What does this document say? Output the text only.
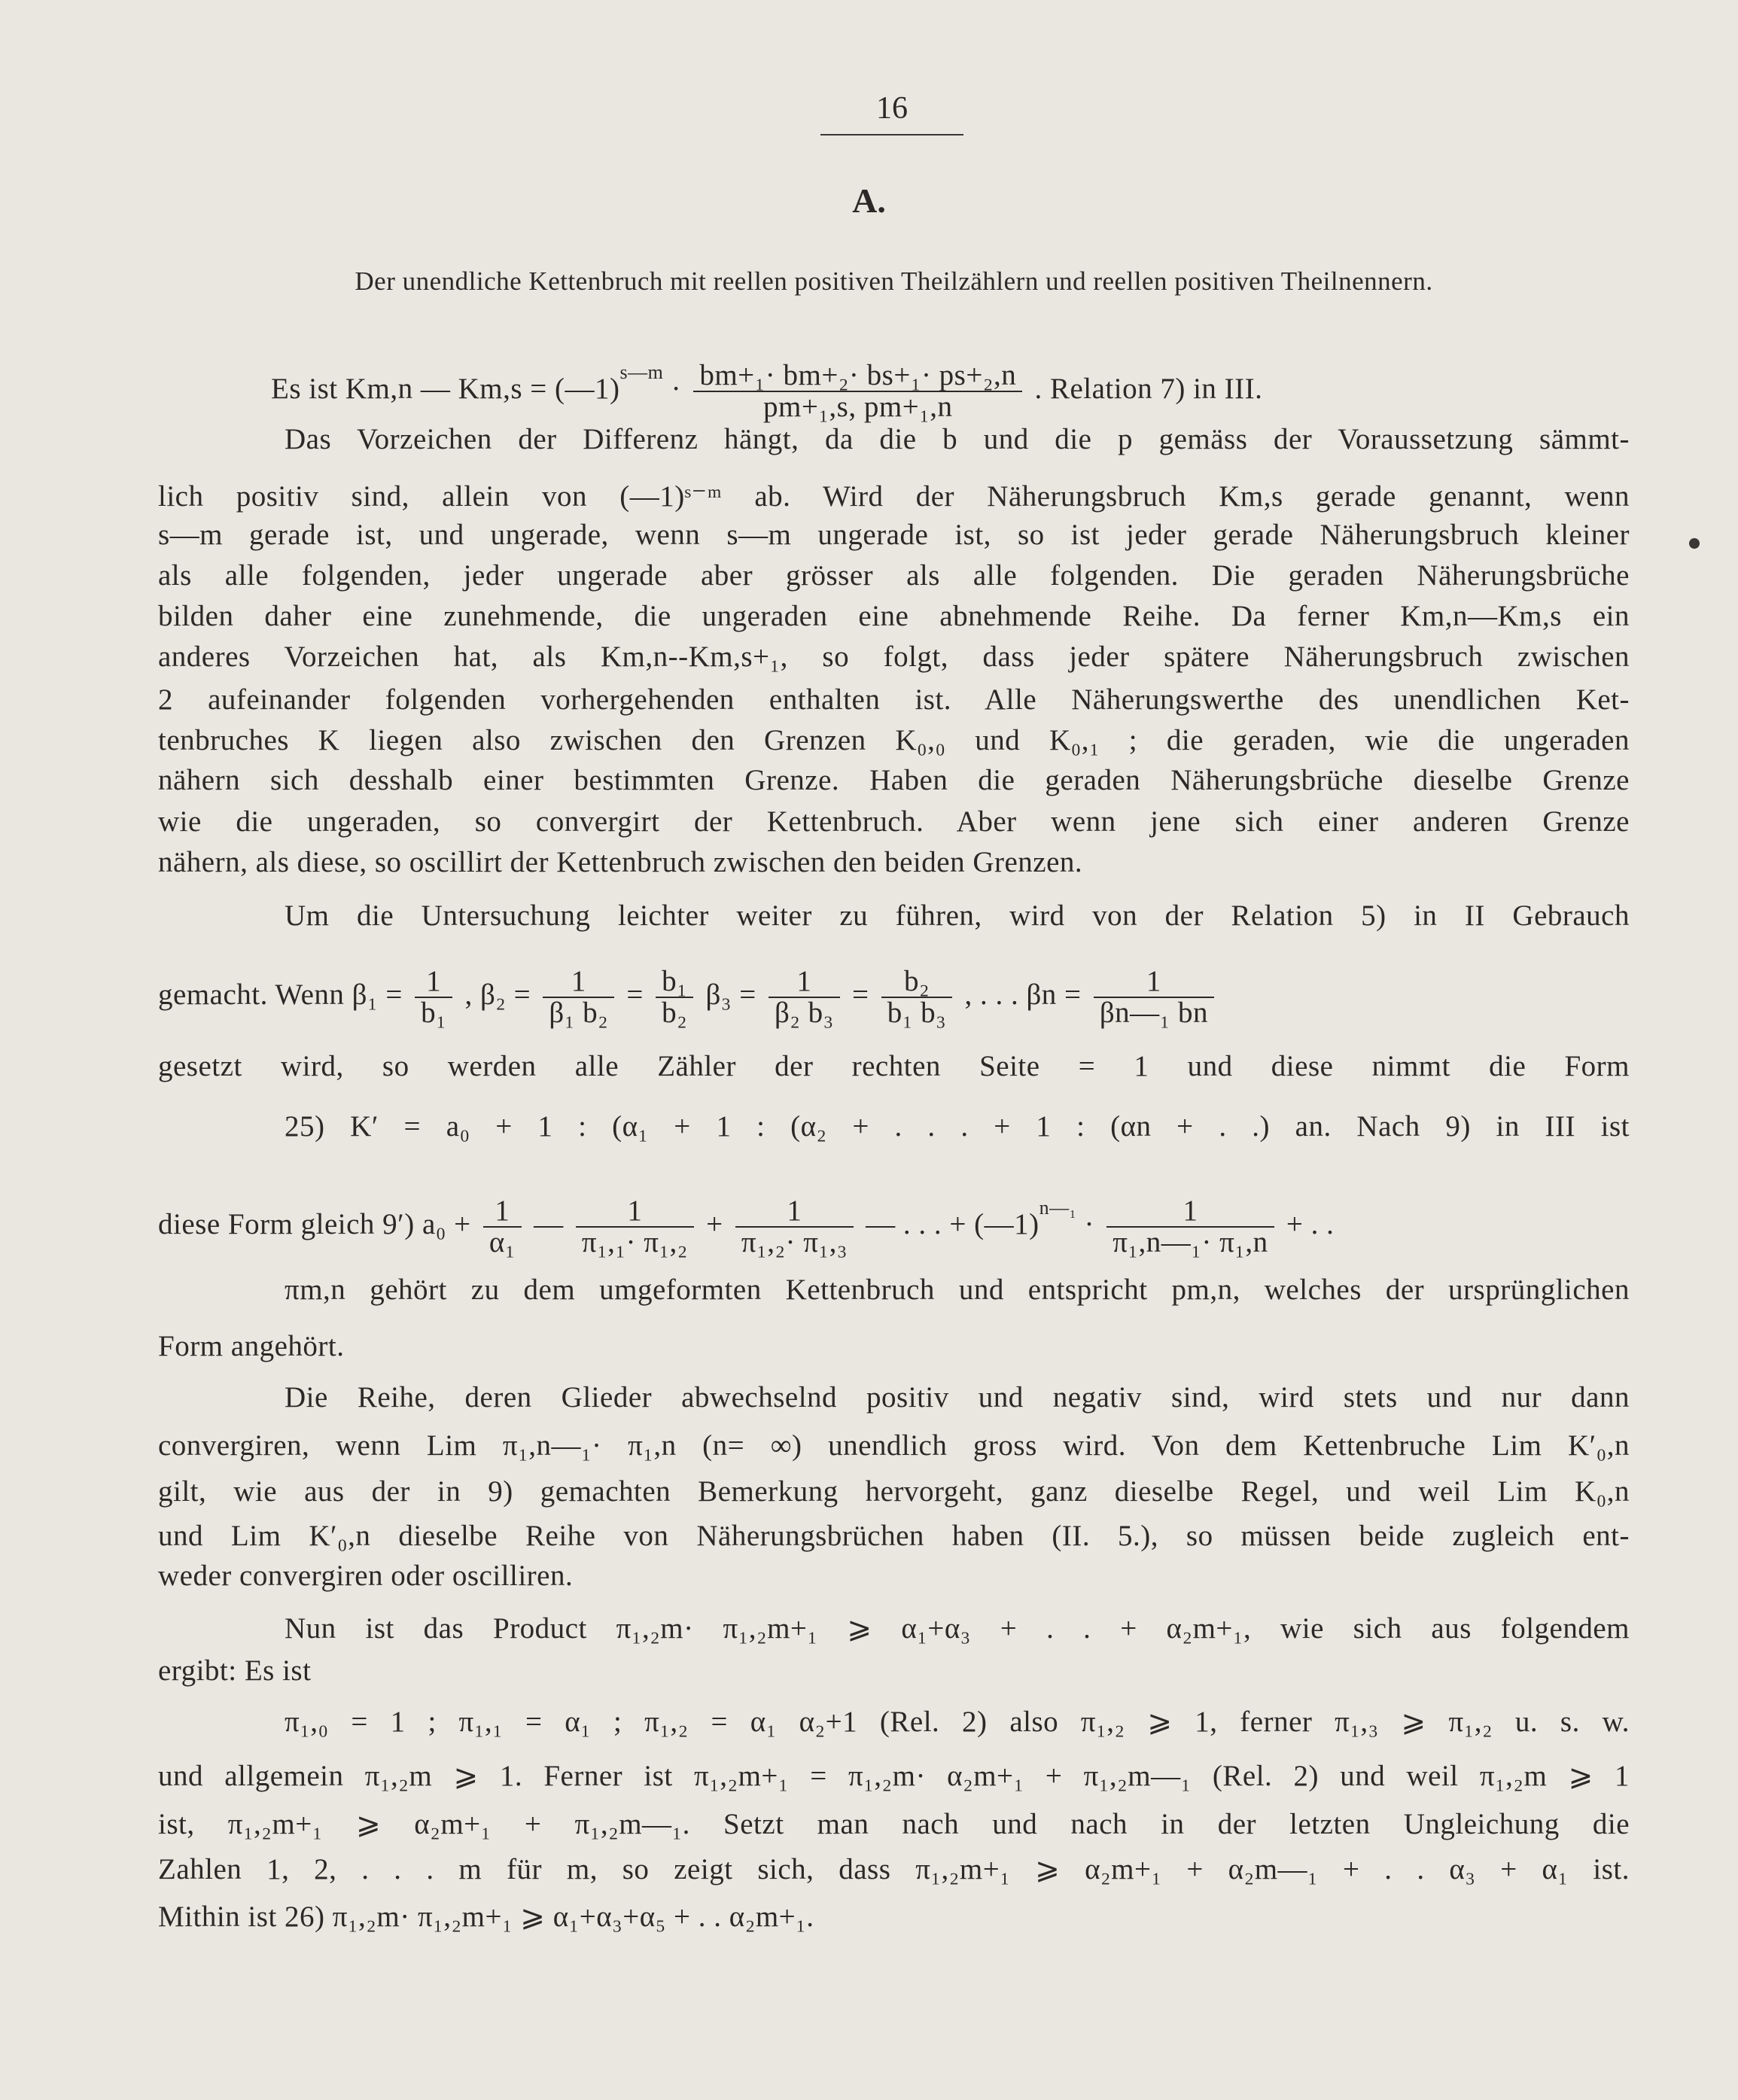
16
A.
Der unendliche Kettenbruch mit reellen positiven Theilzählern und reellen positiven Theilnennern.
Es ist Km,n — Km,s = (—1)$^{s—m}$ · $\frac{\text{bm+₁· bm+₂· bs+₁· ps+₂,n}}{\text{pm+₁,s, pm+₁,n}}$ . Relation 7) in III.
Das Vorzeichen der Differenz hängt, da die b und die p gemäss der Voraussetzung sämmt-
lich positiv sind, allein von (—1)ˢ⁻ᵐ ab. Wird der Näherungsbruch Km,s gerade genannt, wenn
s—m gerade ist, und ungerade, wenn s—m ungerade ist, so ist jeder gerade Näherungsbruch kleiner
als alle folgenden, jeder ungerade aber grösser als alle folgenden. Die geraden Näherungsbrüche
bilden daher eine zunehmende, die ungeraden eine abnehmende Reihe. Da ferner Km,n—Km,s ein
anderes Vorzeichen hat, als Km,n--Km,s+₁, so folgt, dass jeder spätere Näherungsbruch zwischen
2 aufeinander folgenden vorhergehenden enthalten ist. Alle Näherungswerthe des unendlichen Ket-
tenbruches K liegen also zwischen den Grenzen K₀,₀ und K₀,₁ ; die geraden, wie die ungeraden
nähern sich desshalb einer bestimmten Grenze. Haben die geraden Näherungsbrüche dieselbe Grenze
wie die ungeraden, so convergirt der Kettenbruch. Aber wenn jene sich einer anderen Grenze
nähern, als diese, so oscillirt der Kettenbruch zwischen den beiden Grenzen.
Um die Untersuchung leichter weiter zu führen, wird von der Relation 5) in II Gebrauch
gemacht. Wenn $\beta_1 = \frac{1}{\text{b₁}}$ , $\beta_2 = \frac{1}{\text{β₁ b₂}} = \frac{\text{b₁}}{\text{b₂}} \beta_3 = \frac{1}{\text{β₂ b₃}} = \frac{\text{b₂}}{\text{b₁ b₃}}$ , . . . $\beta n = \frac{1}{\text{βn—₁ bn}}$
gesetzt wird, so werden alle Zähler der rechten Seite = 1 und diese nimmt die Form
25) K′ = a₀ + 1 : (α₁ + 1 : (α₂ + . . . + 1 : (αn + . .) an. Nach 9) in III ist
diese Form gleich 9′) $a_0 + \frac{1}{\text{α₁}}$ — $\frac{1}{\text{π₁,₁· π₁,₂}} + \frac{1}{\text{π₁,₂· π₁,₃}}$ — . . . + (—1)$^{n—_1}$ · $\frac{1}{\text{π₁,n—₁· π₁,n}}$ + . .
πm,n gehört zu dem umgeformten Kettenbruch und entspricht pm,n, welches der ursprünglichen
Form angehört.
Die Reihe, deren Glieder abwechselnd positiv und negativ sind, wird stets und nur dann
convergiren, wenn Lim π₁,n—₁· π₁,n (n= ∞) unendlich gross wird. Von dem Kettenbruche Lim K′₀,n
gilt, wie aus der in 9) gemachten Bemerkung hervorgeht, ganz dieselbe Regel, und weil Lim K₀,n
und Lim K′₀,n dieselbe Reihe von Näherungsbrüchen haben (II. 5.), so müssen beide zugleich ent-
weder convergiren oder oscilliren.
Nun ist das Product π₁,₂m· π₁,₂m+₁ ⩾ α₁+α₃ + . . + α₂m+₁, wie sich aus folgendem
ergibt: Es ist
π₁,₀ = 1 ; π₁,₁ = α₁ ; π₁,₂ = α₁ α₂+1 (Rel. 2) also π₁,₂ ⩾ 1, ferner π₁,₃ ⩾ π₁,₂ u. s. w.
und allgemein π₁,₂m ⩾ 1. Ferner ist π₁,₂m+₁ = π₁,₂m· α₂m+₁ + π₁,₂m—₁ (Rel. 2) und weil π₁,₂m ⩾ 1
ist, π₁,₂m+₁ ⩾ α₂m+₁ + π₁,₂m—₁. Setzt man nach und nach in der letzten Ungleichung die
Zahlen 1, 2, . . . m für m, so zeigt sich, dass π₁,₂m+₁ ⩾ α₂m+₁ + α₂m—₁ + . . α₃ + α₁ ist.
Mithin ist 26) π₁,₂m· π₁,₂m+₁ ⩾ α₁+α₃+α₅ + . . α₂m+₁.
